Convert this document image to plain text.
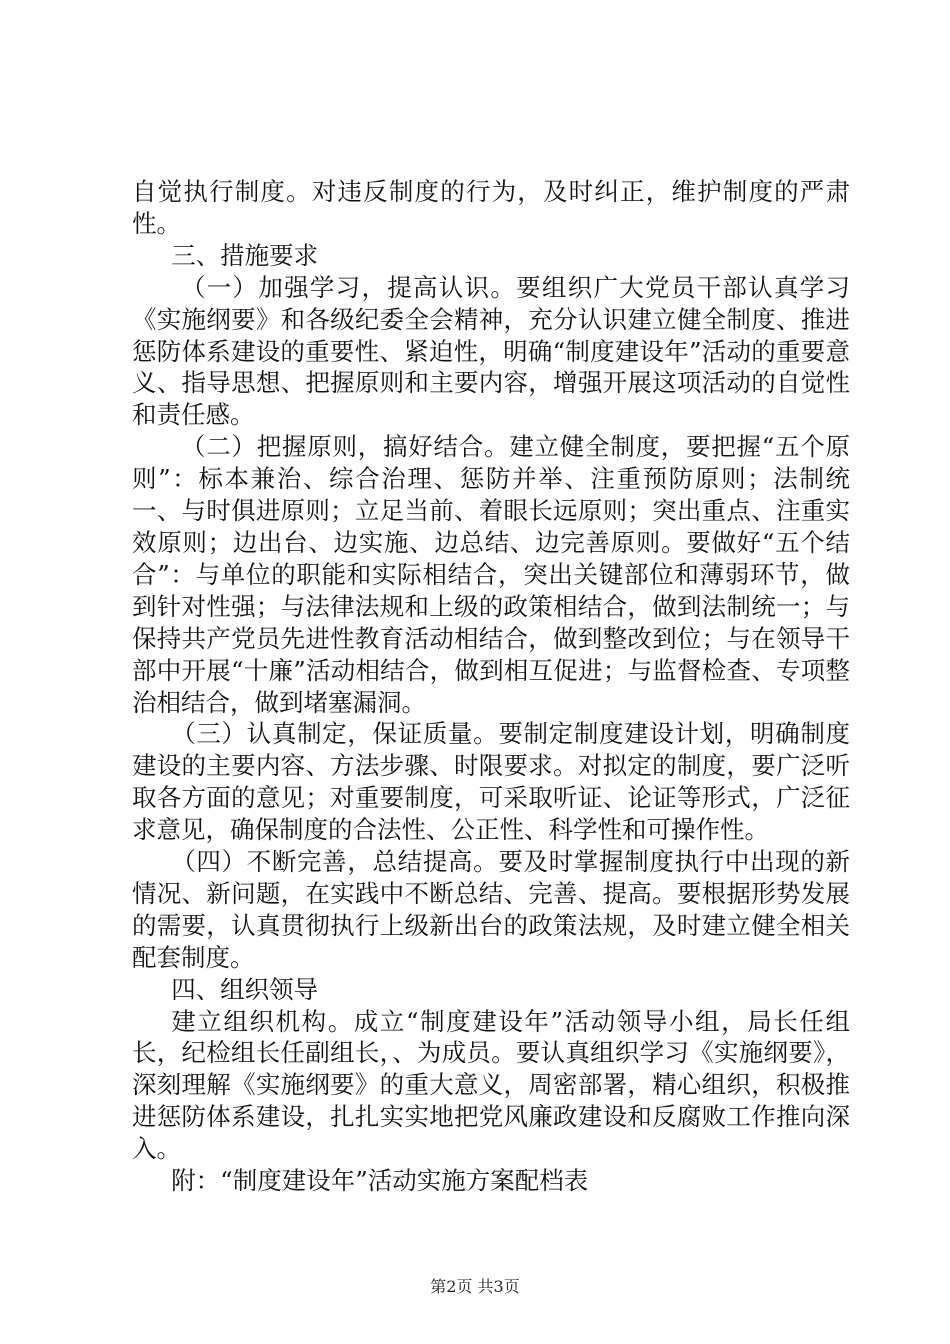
自觉执行制度。对违反制度的行为，及时纠正，维护制度的严肃性。

三、措施要求

（一）加强学习，提高认识。要组织广大党员干部认真学习《实施纲要》和各级纪委全会精神，充分认识建立健全制度、推进惩防体系建设的重要性、紧迫性，明确“制度建设年”活动的重要意义、指导思想、把握原则和主要内容，增强开展这项活动的自觉性和责任感。

（二）把握原则，搞好结合。建立健全制度，要把握“五个原则”：标本兼治、综合治理、惩防并举、注重预防原则；法制统一、与时俱进原则；立足当前、着眼长远原则；突出重点、注重实效原则；边出台、边实施、边总结、边完善原则。要做好“五个结合”：与单位的职能和实际相结合，突出关键部位和薄弱环节，做到针对性强；与法律法规和上级的政策相结合，做到法制统一；与保持共产党员先进性教育活动相结合，做到整改到位；与在领导干部中开展“十廉”活动相结合，做到相互促进；与监督检查、专项整治相结合，做到堵塞漏洞。

（三）认真制定，保证质量。要制定制度建设计划，明确制度建设的主要内容、方法步骤、时限要求。对拟定的制度，要广泛听取各方面的意见；对重要制度，可采取听证、论证等形式，广泛征求意见，确保制度的合法性、公正性、科学性和可操作性。

（四）不断完善，总结提高。要及时掌握制度执行中出现的新情况、新问题，在实践中不断总结、完善、提高。要根据形势发展的需要，认真贯彻执行上级新出台的政策法规，及时建立健全相关配套制度。

四、组织领导

建立组织机构。成立“制度建设年”活动领导小组，局长任组长，纪检组长任副组长，、为成员。要认真组织学习《实施纲要》，深刻理解《实施纲要》的重大意义，周密部署，精心组织，积极推进惩防体系建设，扎扎实实地把党风廉政建设和反腐败工作推向深入。

附：“制度建设年”活动实施方案配档表

第2页 共3页
